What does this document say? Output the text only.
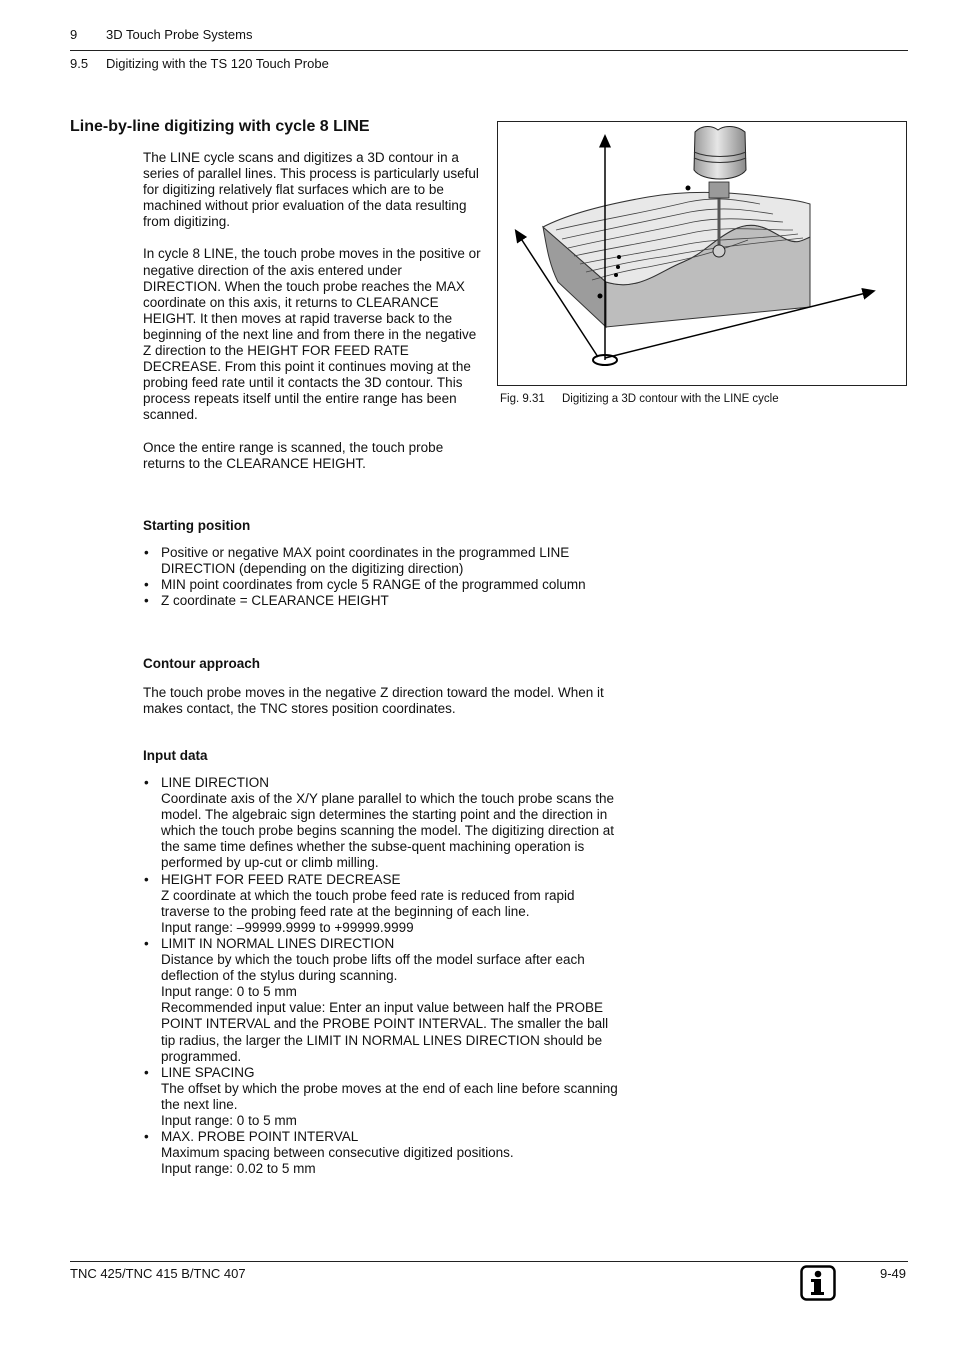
9 3D Touch Probe Systems
9.5 Digitizing with the TS 120 Touch Probe
Line-by-line digitizing with cycle 8 LINE

The LINE cycle scans and digitizes a 3D contour in a series of parallel lines. This process is particularly useful for digitizing relatively flat surfaces which are to be machined without prior evaluation of the data resulting from digitizing.

In cycle 8 LINE, the touch probe moves in the positive or negative direction of the axis entered under DIRECTION. When the touch probe reaches the MAX coordinate on this axis, it returns to CLEARANCE HEIGHT. It then moves at rapid traverse back to the beginning of the next line and from there in the negative Z direction to the HEIGHT FOR FEED RATE DECREASE. From this point it continues moving at the probing feed rate until it contacts the 3D contour. This process repeats itself until the entire range has been scanned.

Once the entire range is scanned, the touch probe returns to the CLEARANCE HEIGHT.

Fig. 9.31 Digitizing a 3D contour with the LINE cycle
Starting position
• Positive or negative MAX point coordinates in the programmed LINE DIRECTION (depending on the digitizing direction)
• MIN point coordinates from cycle 5 RANGE of the programmed column
• Z coordinate = CLEARANCE HEIGHT
Contour approach
The touch probe moves in the negative Z direction toward the model. When it makes contact, the TNC stores position coordinates.
Input data
• LINE DIRECTION
Coordinate axis of the X/Y plane parallel to which the touch probe scans the model. The algebraic sign determines the starting point and the direction in which the touch probe begins scanning the model. The digitizing direction at the same time defines whether the subse-quent machining operation is performed by up-cut or climb milling.
• HEIGHT FOR FEED RATE DECREASE
Z coordinate at which the touch probe feed rate is reduced from rapid traverse to the probing feed rate at the beginning of each line.
Input range: –99999.9999 to +99999.9999
• LIMIT IN NORMAL LINES DIRECTION
Distance by which the touch probe lifts off the model surface after each deflection of the stylus during scanning.
Input range: 0 to 5 mm
Recommended input value: Enter an input value between half the PROBE POINT INTERVAL and the PROBE POINT INTERVAL. The smaller the ball tip radius, the larger the LIMIT IN NORMAL LINES DIRECTION should be programmed.
• LINE SPACING
The offset by which the probe moves at the end of each line before scanning the next line.
Input range: 0 to 5 mm
• MAX. PROBE POINT INTERVAL
Maximum spacing between consecutive digitized positions.
Input range: 0.02 to 5 mm
TNC 425/TNC 415 B/TNC 407	9-49
